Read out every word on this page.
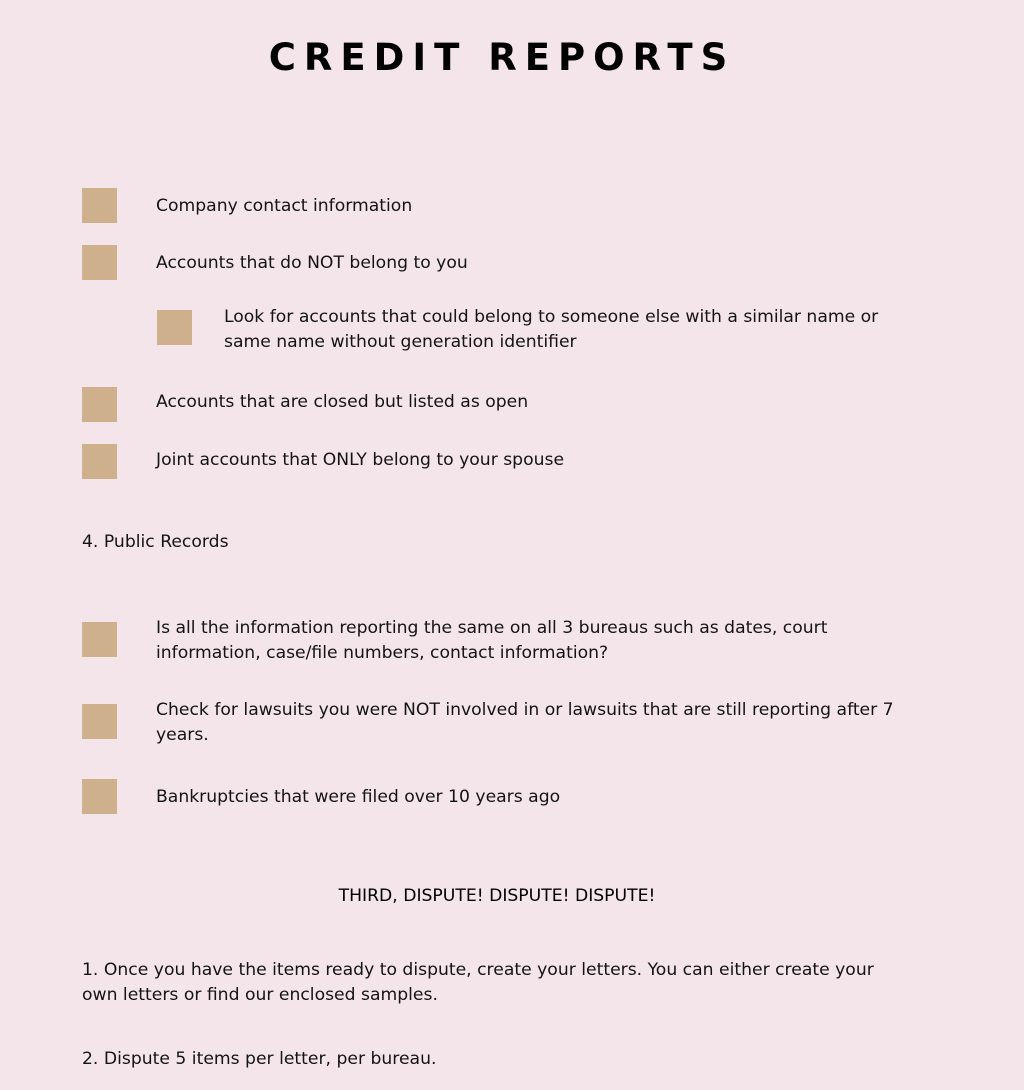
CREDIT REPORTS

Company contact information

Accounts that do NOT belong to you

Look for accounts that could belong to someone else with a similar name or same name without generation identifier

Accounts that are closed but listed as open

Joint accounts that ONLY belong to your spouse

4. Public Records

Is all the information reporting the same on all 3 bureaus such as dates, court information, case/file numbers, contact information?

Check for lawsuits you were NOT involved in or lawsuits that are still reporting after 7 years.

Bankruptcies that were filed over 10 years ago

THIRD, DISPUTE! DISPUTE! DISPUTE!

1. Once you have the items ready to dispute, create your letters. You can either create your own letters or find our enclosed samples.

2. Dispute 5 items per letter, per bureau.
